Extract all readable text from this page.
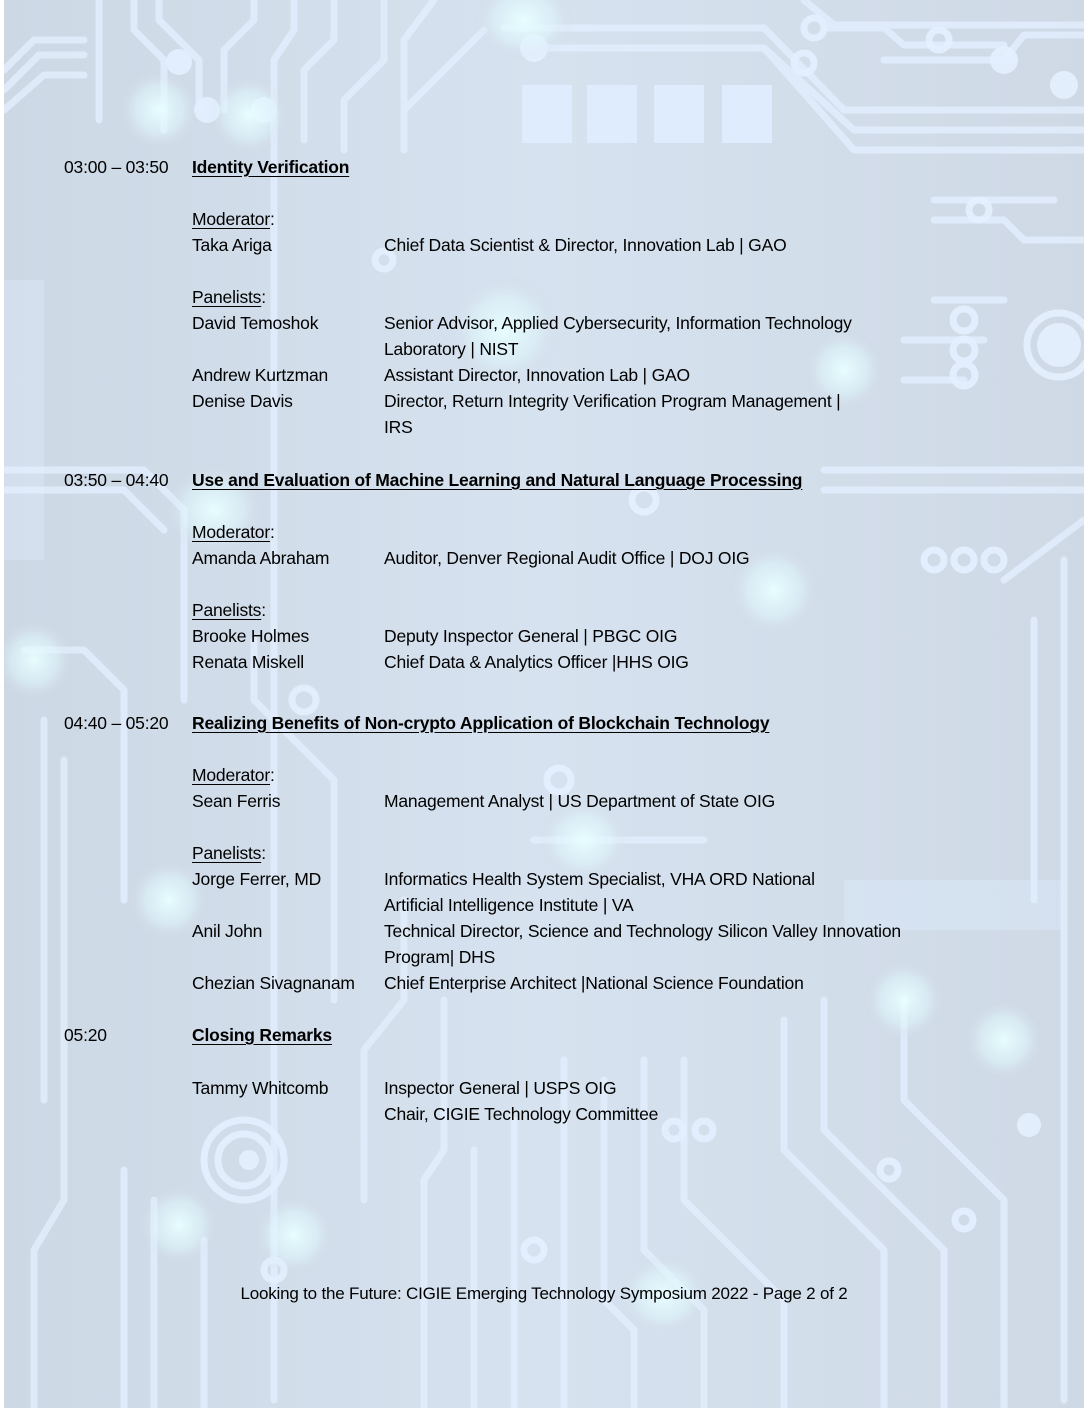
03:00 – 03:50 Identity Verification
Moderator:
Taka Ariga	Chief Data Scientist & Director, Innovation Lab | GAO
Panelists:
David Temoshok	Senior Advisor, Applied Cybersecurity, Information Technology
Laboratory | NIST
Andrew Kurtzman	Assistant Director, Innovation Lab | GAO
Denise Davis	Director, Return Integrity Verification Program Management |
IRS
03:50 – 04:40 Use and Evaluation of Machine Learning and Natural Language Processing
Moderator:
Amanda Abraham	Auditor, Denver Regional Audit Office | DOJ OIG
Panelists:
Brooke Holmes	Deputy Inspector General | PBGC OIG
Renata Miskell	Chief Data & Analytics Officer |HHS OIG
04:40 – 05:20 Realizing Benefits of Non-crypto Application of Blockchain Technology
Moderator:
Sean Ferris	Management Analyst | US Department of State OIG
Panelists:
Jorge Ferrer, MD	Informatics Health System Specialist, VHA ORD National
Artificial Intelligence Institute | VA
Anil John	Technical Director, Science and Technology Silicon Valley Innovation
Program| DHS
Chezian Sivagnanam Chief Enterprise Architect |National Science Foundation
05:20	Closing Remarks
Tammy Whitcomb	Inspector General | USPS OIG
Chair, CIGIE Technology Committee
Looking to the Future: CIGIE Emerging Technology Symposium 2022 - Page 2 of 2
